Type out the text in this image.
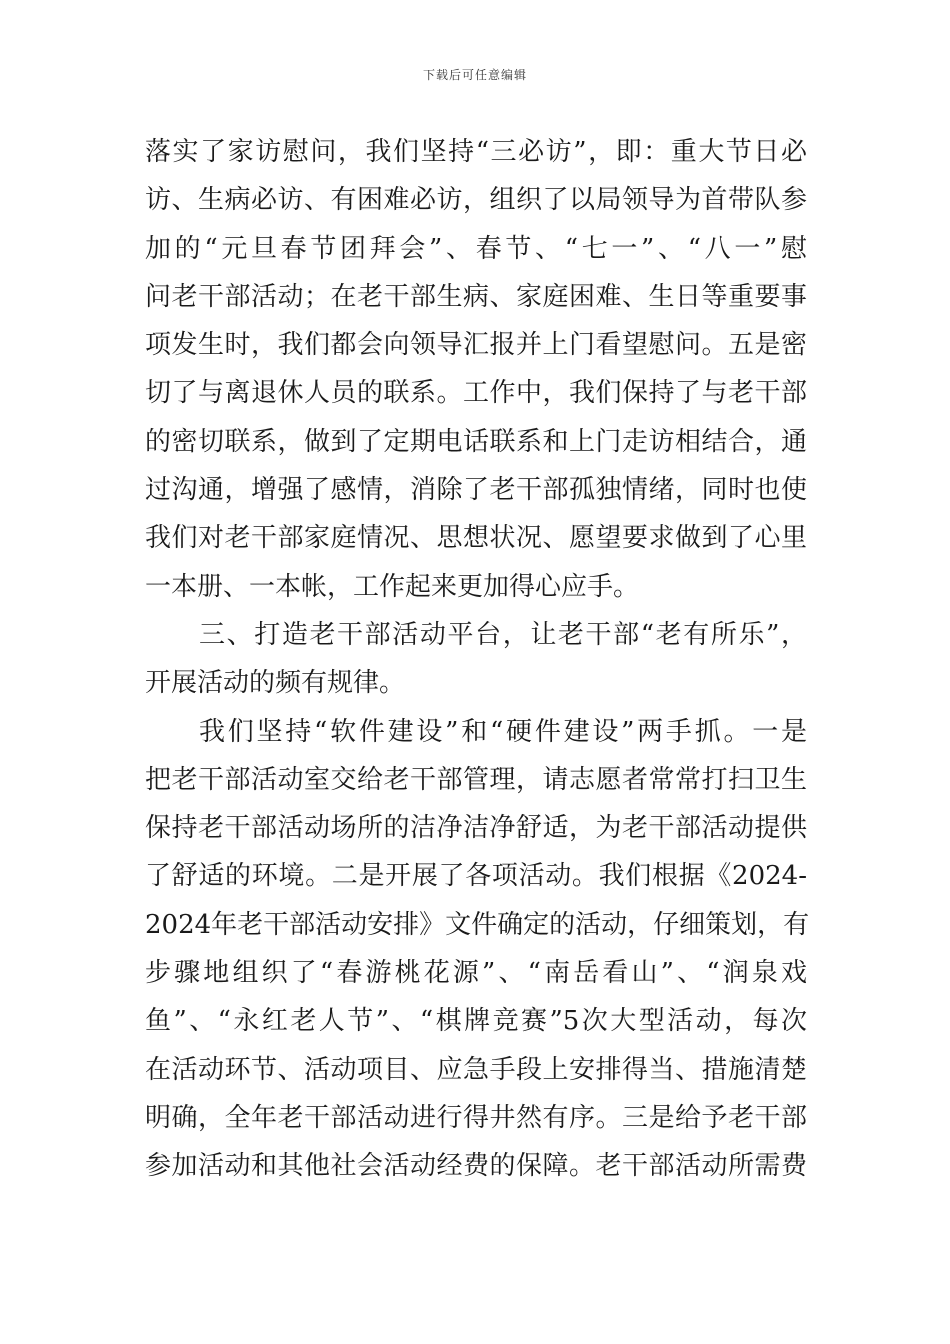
下载后可任意编辑
落实了家访慰问，我们坚持“三必访”，即：重大节日必
访、生病必访、有困难必访，组织了以局领导为首带队参
加的“元旦春节团拜会”、春节、“七一”、“八一”慰
问老干部活动；在老干部生病、家庭困难、生日等重要事
项发生时，我们都会向领导汇报并上门看望慰问。五是密
切了与离退休人员的联系。工作中，我们保持了与老干部
的密切联系，做到了定期电话联系和上门走访相结合，通
过沟通，增强了感情，消除了老干部孤独情绪，同时也使
我们对老干部家庭情况、思想状况、愿望要求做到了心里
一本册、一本帐，工作起来更加得心应手。
三、打造老干部活动平台，让老干部“老有所乐”，
开展活动的频有规律。
我们坚持“软件建设”和“硬件建设”两手抓。一是
把老干部活动室交给老干部管理，请志愿者常常打扫卫生
保持老干部活动场所的洁净洁净舒适，为老干部活动提供
了舒适的环境。二是开展了各项活动。我们根据《2024-
2024年老干部活动安排》文件确定的活动，仔细策划，有
步骤地组织了“春游桃花源”、“南岳看山”、“润泉戏
鱼”、“永红老人节”、“棋牌竞赛”5次大型活动，每次
在活动环节、活动项目、应急手段上安排得当、措施清楚
明确，全年老干部活动进行得井然有序。三是给予老干部
参加活动和其他社会活动经费的保障。老干部活动所需费
